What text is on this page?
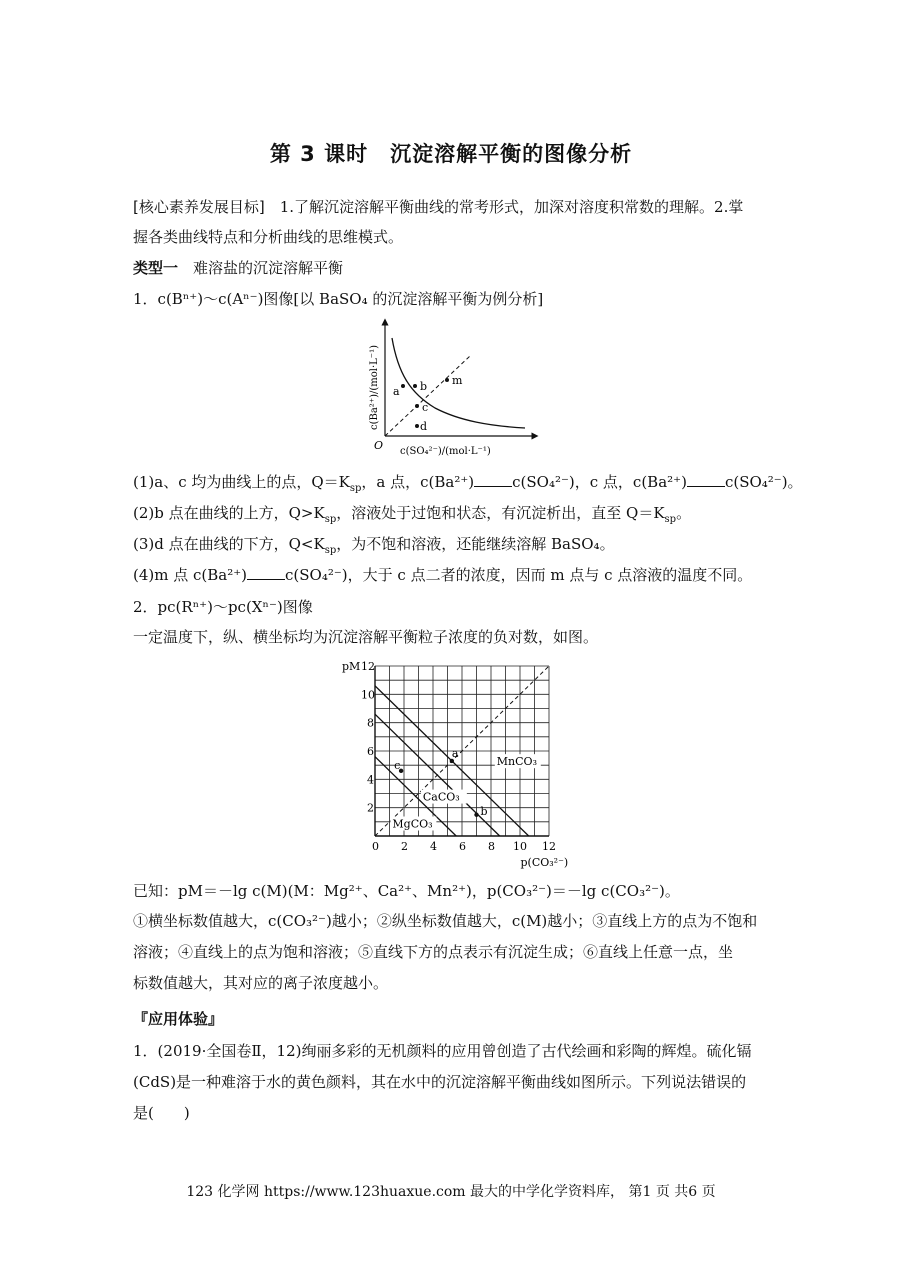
第 3 课时　沉淀溶解平衡的图像分析
[核心素养发展目标]　1.了解沉淀溶解平衡曲线的常考形式，加深对溶度积常数的理解。2.掌
握各类曲线特点和分析曲线的思维模式。
类型一　难溶盐的沉淀溶解平衡
1．c(Bⁿ⁺)～c(Aⁿ⁻)图像[以 BaSO₄ 的沉淀溶解平衡为例分析]
a b
c
d
m
O c(SO₄²⁻)/(mol·L⁻¹)
c(Ba²⁺)/(mol·L⁻¹)
(1)a、c 均为曲线上的点，$Q=K_{sp}$，a 点，c(Ba²⁺)	c(SO₄²⁻)，c 点，c(Ba²⁺)	c(SO₄²⁻)。
(2)b 点在曲线的上方，$Q>K_{sp}$，溶液处于过饱和状态，有沉淀析出，直至 $Q=K_{sp}$。
(3)d 点在曲线的下方，$Q<K_{sp}$，为不饱和溶液，还能继续溶解 BaSO₄。
(4)m 点 c(Ba²⁺)	c(SO₄²⁻)，大于 c 点二者的浓度，因而 m 点与 c 点溶液的温度不同。
2．pc(Rⁿ⁺)～pc(Xⁿ⁻)图像
一定温度下，纵、横坐标均为沉淀溶解平衡粒子浓度的负对数，如图。
MnCO₃
CaCO₃
MgCO₃
a
b
c
0 2 4 6 8 10 12
2
4
6
8
10
12
pM
p(CO₃²⁻)
已知：pM＝－lg c(M)(M：Mg²⁺、Ca²⁺、Mn²⁺)，p(CO₃²⁻)＝－lg c(CO₃²⁻)。
①横坐标数值越大，c(CO₃²⁻)越小；②纵坐标数值越大，c(M)越小；③直线上方的点为不饱和
溶液；④直线上的点为饱和溶液；⑤直线下方的点表示有沉淀生成；⑥直线上任意一点，坐
标数值越大，其对应的离子浓度越小。
『应用体验』
1．(2019·全国卷Ⅱ，12)绚丽多彩的无机颜料的应用曾创造了古代绘画和彩陶的辉煌。硫化镉
(CdS)是一种难溶于水的黄色颜料，其在水中的沉淀溶解平衡曲线如图所示。下列说法错误的
是( )
123 化学网 https://www.123huaxue.com 最大的中学化学资料库， 第1 页 共6 页
